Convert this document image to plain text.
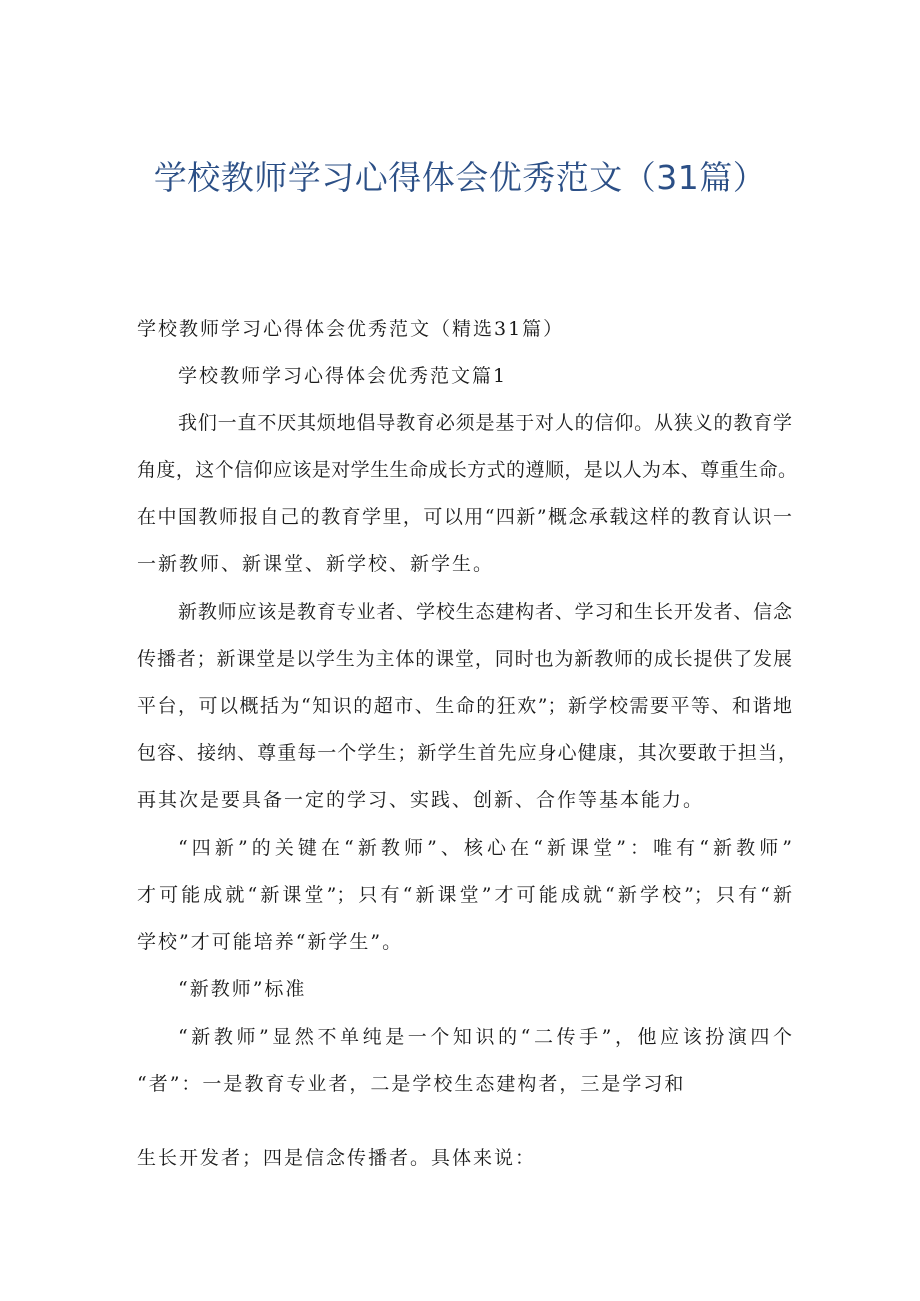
学校教师学习心得体会优秀范文（31篇）
学校教师学习心得体会优秀范文（精选31篇）
学校教师学习心得体会优秀范文篇1
我们一直不厌其烦地倡导教育必须是基于对人的信仰。从狭义的教育学
角度，这个信仰应该是对学生生命成长方式的遵顺，是以人为本、尊重生命。
在中国教师报自己的教育学里，可以用“四新”概念承载这样的教育认识一
一新教师、新课堂、新学校、新学生。
新教师应该是教育专业者、学校生态建构者、学习和生长开发者、信念
传播者；新课堂是以学生为主体的课堂，同时也为新教师的成长提供了发展
平台，可以概括为“知识的超市、生命的狂欢”；新学校需要平等、和谐地
包容、接纳、尊重每一个学生；新学生首先应身心健康，其次要敢于担当，
再其次是要具备一定的学习、实践、创新、合作等基本能力。
“四新”的关键在“新教师”、核心在“新课堂”：唯有“新教师”
才可能成就“新课堂”；只有“新课堂”才可能成就“新学校”；只有“新
学校”才可能培养“新学生”。
“新教师”标准
“新教师”显然不单纯是一个知识的“二传手”，他应该扮演四个
“者”：一是教育专业者，二是学校生态建构者，三是学习和
生长开发者；四是信念传播者。具体来说：
